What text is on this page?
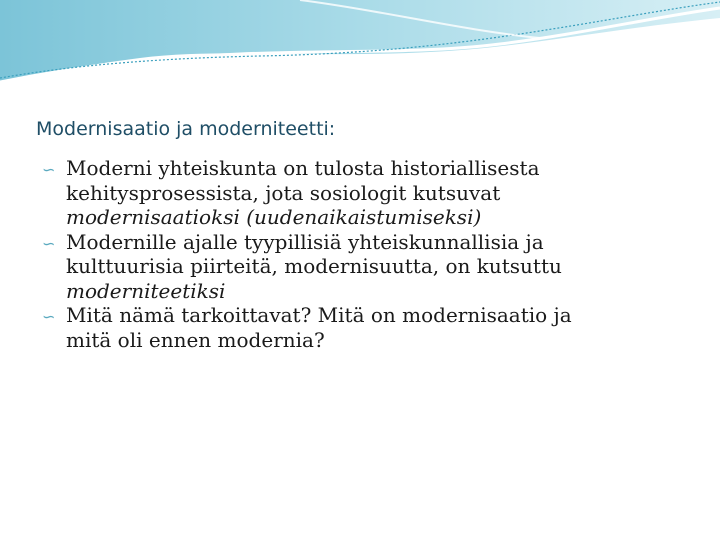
Modernisaatio ja moderniteetti:
∽ Moderni yhteiskunta on tulosta historiallisesta
kehitysprosessista, jota sosiologit kutsuvat
modernisaatioksi (uudenaikaistumiseksi)
∽ Modernille ajalle tyypillisiä yhteiskunnallisia ja
kulttuurisia piirteitä, modernisuutta, on kutsuttu
moderniteetiksi
∽ Mitä nämä tarkoittavat? Mitä on modernisaatio ja
mitä oli ennen modernia?
